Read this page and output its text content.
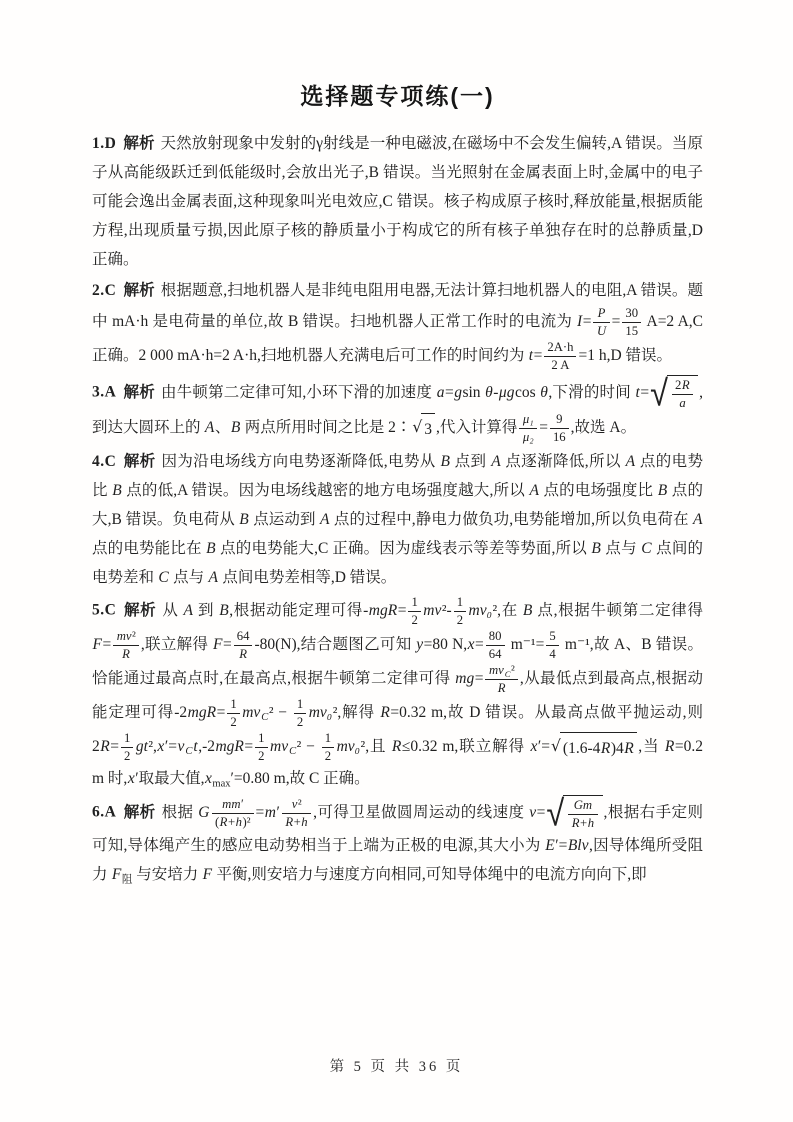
选择题专项练(一)

1.D 解析 天然放射现象中发射的γ射线是一种电磁波,在磁场中不会发生偏转,A 错误。当原子从高能级跃迁到低能级时,会放出光子,B 错误。当光照射在金属表面上时,金属中的电子可能会逸出金属表面,这种现象叫光电效应,C 错误。核子构成原子核时,释放能量,根据质能方程,出现质量亏损,因此原子核的静质量小于构成它的所有核子单独存在时的总静质量,D 正确。

2.C 解析 根据题意,扫地机器人是非纯电阻用电器,无法计算扫地机器人的电阻,A 错误。题中 mA·h 是电荷量的单位,故 B 错误。扫地机器人正常工作时的电流为 $I= \frac{P}{U} = \frac{30}{15} A=2$ A,C 正确。2 000 mA·h=2 A·h,扫地机器人充满电后可工作的时间约为 $t= \frac{2A\cdot h}{2 A} =1$ h,D 错误。

3.A 解析 由牛顿第二定律可知,小环下滑的加速度 a=gsin θ-μgcos θ,下滑的时间 t= √ $\frac{2R}{a}$ ,到达大圆环上的 A、B 两点所用时间之比是 2∶ √ 3 ,代入计算得 $\frac{\text{μ₁}}{\text{μ₂}} = \frac{9}{16}$ ,故选 A。

4.C 解析 因为沿电场线方向电势逐渐降低,电势从 B 点到 A 点逐渐降低,所以 A 点的电势比 B 点的低,A 错误。因为电场线越密的地方电场强度越大,所以 A 点的电场强度比 B 点的大,B 错误。负电荷从 B 点运动到 A 点的过程中,静电力做负功,电势能增加,所以负电荷在 A 点的电势能比在 B 点的电势能大,C 正确。因为虚线表示等差等势面,所以 B 点与 C 点间的电势差和 C 点与 A 点间电势差相等,D 错误。

5.C 解析 从 A 到 B,根据动能定理可得$-mgR= \frac{1}{2} mv^2- \frac{1}{2} mv_0^2$,在 B 点,根据牛顿第二定律得 $F= \frac{\text{mv²}}{R}$ ,联立解得 $F= \frac{64}{R} -80(N)$,结合题图乙可知 y=80 $N,x= \frac{80}{64} m^{-1}= \frac{5}{4} m^{-1}$,故 A、B 错误。恰能通过最高点时,在最高点,根据牛顿第二定律可得 $mg= \frac{mv_C^2}{R}$ ,从最低点到最高点,根据动能定理可得$-2mgR= \frac{1}{2} mv_C^2 - \frac{1}{2} mv_0^2$,解得 R=0.32 m,故 D 错误。从最高点做平抛运动,则 $2R= \frac{1}{2} gt^2,x'=v_Ct,-2mgR= \frac{1}{2} mv_C^2 - \frac{1}{2} mv_0^2$,且 R≤0.32 m,联立解得 x′= √ (1.6-4R)4R ,当 R=0.2 m 时,x′取最大值$,x_{max}'=0.80$ m,故 C 正确。

6.A 解析 根据 G $\frac{mm'}{\text{(R+h)²}} =m' \frac{\text{v²}}{R+h}$ ,可得卫星做圆周运动的线速度 v= √ $\frac{Gm}{R+h}$ ,根据右手定则可知,导体绳产生的感应电动势相当于上端为正极的电源,其大小为 E′=Blv,因导体绳所受阻力 $F_阻$ 与安培力 F 平衡,则安培力与速度方向相同,可知导体绳中的电流方向向下,即

第 5 页 共 36 页
